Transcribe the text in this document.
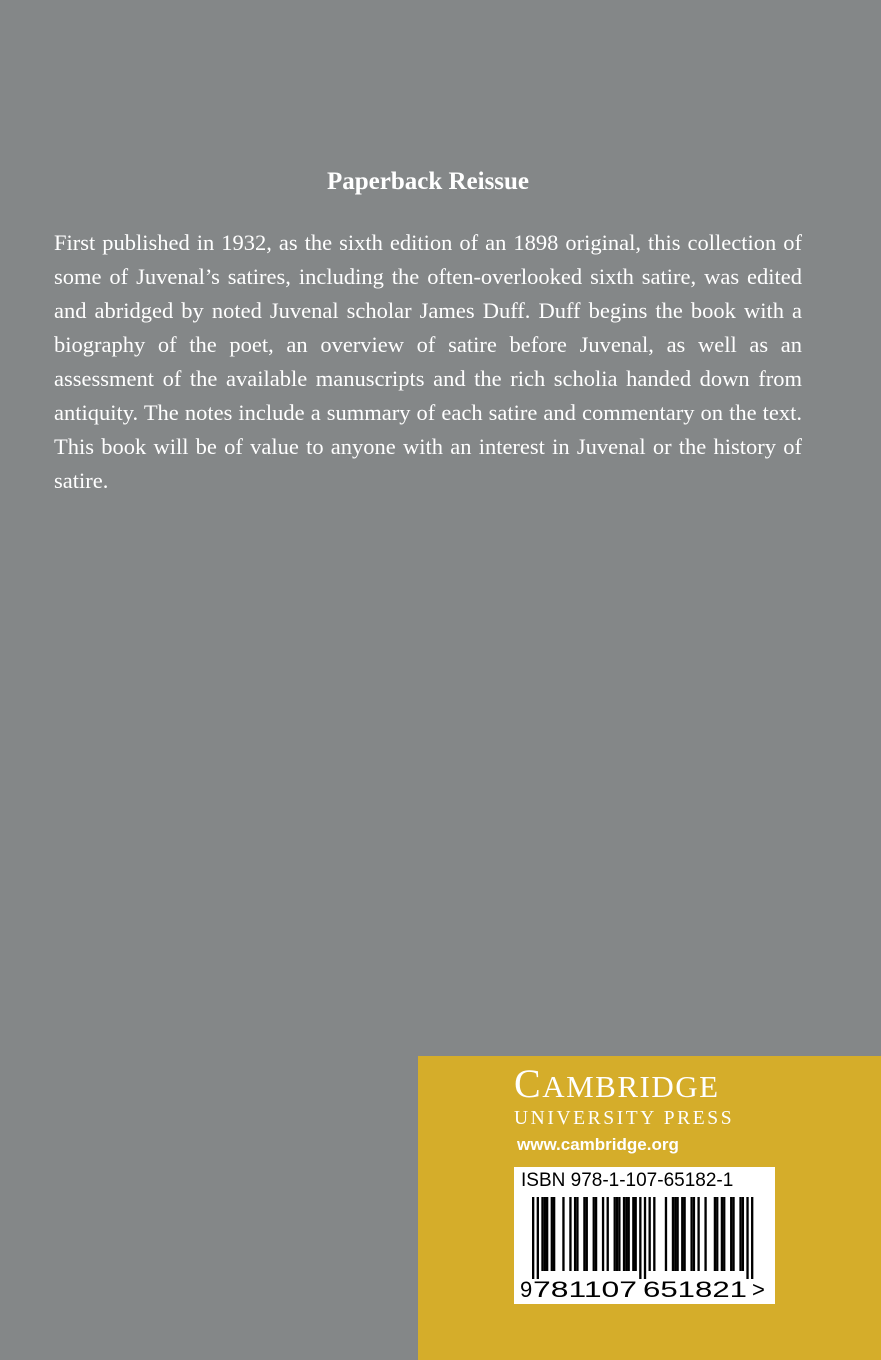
Paperback Reissue

First published in 1932, as the sixth edition of an 1898 original, this collection of some of Juvenal’s satires, including the often-overlooked sixth satire, was edited and abridged by noted Juvenal scholar James Duff. Duff begins the book with a biography of the poet, an overview of satire before Juvenal, as well as an assessment of the available manuscripts and the rich scholia handed down from antiquity. The notes include a summary of each satire and commentary on the text. This book will be of value to anyone with an interest in Juvenal or the history of satire.

CAMBRIDGE
UNIVERSITY PRESS
www.cambridge.org
ISBN 978-1-107-65182-1
9 781107 651821 >
